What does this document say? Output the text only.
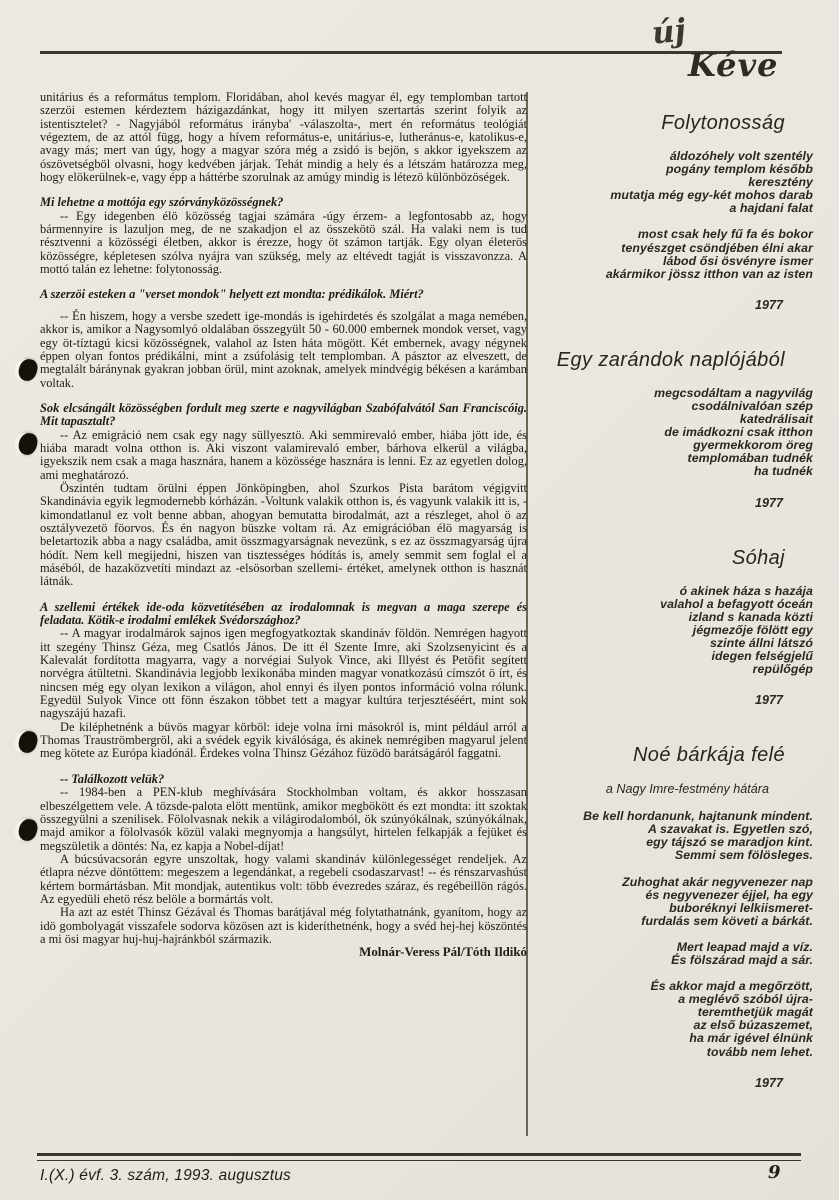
új
Kéve

unitárius és a református templom. Floridában, ahol kevés magyar él, egy templomban tartott szerzöi estemen kérdeztem házigazdánkat, hogy itt milyen szertartás szerint folyik az istentisztelet? - Nagyjából református irányba' -válaszolta-, mert én református teológiát végeztem, de az attól függ, hogy a hívem református-e, unitárius-e, lutheránus-e, katolikus-e, avagy más; mert van úgy, hogy a magyar szóra még a zsidó is bejön, s akkor igyekszem az ószövetségböl olvasni, hogy kedvében járjak. Tehát mindig a hely és a létszám határozza meg, hogy elökerülnek-e, vagy épp a háttérbe szorulnak az amúgy mindig is létezö különbözöségek.

Mi lehetne a mottója egy szórványközösségnek?

-- Egy idegenben élö közösség tagjai számára -úgy érzem- a legfontosabb az, hogy bármennyire is lazuljon meg, de ne szakadjon el az összekötö szál. Ha valaki nem is tud résztvenni a közösségi életben, akkor is érezze, hogy öt számon tartják. Egy olyan életerös közösségre, képletesen szólva nyájra van szükség, mely az eltévedt tagját is visszavonzza. A mottó talán ez lehetne: folytonosság.

A szerzöi esteken a "verset mondok" helyett ezt mondta: prédikálok. Miért?

-- Én hiszem, hogy a versbe szedett ige-mondás is igehirdetés és szolgálat a maga nemében, akkor is, amikor a Nagysomlyó oldalában összegyült 50 - 60.000 embernek mondok verset, vagy egy öt-tíztagú kicsi közösségnek, valahol az Isten háta mögött. Két embernek, avagy négynek éppen olyan fontos prédikálni, mint a zsúfolásig telt templomban. A pásztor az elveszett, de megtalált báránynak gyakran jobban örül, mint azoknak, amelyek mindvégig békésen a karámban voltak.

Sok elcsángált közösségben fordult meg szerte e nagyvilágban Szabófalvától San Franciscóig. Mit tapasztalt?

-- Az emigráció nem csak egy nagy süllyesztö. Aki semmirevaló ember, hiába jött ide, és hiába maradt volna otthon is. Aki viszont valamirevaló ember, bárhova elkerül a világba, igyekszik nem csak a maga hasznára, hanem a közössége hasznára is lenni. Ez az egyetlen dolog, ami meghatározó.

Öszintén tudtam örülni éppen Jönköpingben, ahol Szurkos Pista barátom végigvitt Skandinávia egyik legmodernebb kórházán. -Voltunk valakik otthon is, és vagyunk valakik itt is, -kimondatlanul ez volt benne abban, ahogyan bemutatta birodalmát, azt a részleget, ahol ö az osztályvezetö föorvos. És én nagyon büszke voltam rá. Az emigrációban élö magyarság is beletartozik abba a nagy családba, amit összmagyarságnak nevezünk, s ez az összmagyarság újra hódít. Nem kell megijedni, hiszen van tisztességes hódítás is, amely semmit sem foglal el a máséból, de hazaközvetíti mindazt az -elsösorban szellemi- értéket, amelynek otthon is hasznát látnák.

A szellemi értékek ide-oda közvetítésében az irodalomnak is megvan a maga szerepe és feladata. Kötik-e irodalmi emlékek Svédországhoz?

-- A magyar irodalmárok sajnos igen megfogyatkoztak skandináv földön. Nemrégen hagyott itt szegény Thinsz Géza, meg Csatlós János. De itt él Szente Imre, aki Szolzsenyicint és a Kalevalát fordította magyarra, vagy a norvégiai Sulyok Vince, aki Illyést és Petöfit segített norvégra átültetni. Skandinávia legjobb lexikonába minden magyar vonatkozású címszót ö írt, és nincsen még egy olyan lexikon a világon, ahol ennyi és ilyen pontos információ volna rólunk. Egyedül Sulyok Vince ott fönn északon többet tett a magyar kultúra terjesztéséért, mint sok nagyszájú hazafi.

De kiléphetnénk a büvös magyar körböl: ideje volna írni másokról is, mint például arról a Thomas Trauströmbergröl, aki a svédek egyik kiválósága, és akinek nemrégiben magyarul jelent meg kötete az Európa kiadónál. Érdekes volna Thinsz Gézához füzödö barátságáról faggatni.

-- Találkozott velük?

-- 1984-ben a PEN-klub meghívására Stockholmban voltam, és akkor hosszasan elbeszélgettem vele. A tözsde-palota elött mentünk, amikor megbökött és ezt mondta: itt szoktak összegyülni a szenilisek. Fölolvasnak nekik a világirodalomból, ök szúnyókálnak, szúnyókálnak, majd amikor a fölolvasók közül valaki megnyomja a hangsúlyt, hirtelen felkapják a fejüket és megszületik a döntés: Na, ez kapja a Nobel-díjat!

A búcsúvacsorán egyre unszoltak, hogy valami skandináv különlegességet rendeljek. Az étlapra nézve döntöttem: megeszem a legendánkat, a regebeli csodaszarvast! -- és rénszarvashúst kértem bormártásban. Mit mondjak, autentikus volt: több évezredes száraz, és regébeillön rágós. Az egyedüli ehetö rész belöle a bormártás volt.

Ha azt az estét Thinsz Gézával és Thomas barátjával még folytathatnánk, gyanítom, hogy az idö gombolyagát visszafele sodorva közösen azt is kideríthetnénk, hogy a svéd hej-hej köszöntés a mi ösi magyar huj-huj-hajránkból származik.

Molnár-Veress Pál/Tóth Ildikó

Folytonosság
áldozóhely volt szentély
pogány templom később
keresztény
mutatja még egy-két mohos darab
a hajdani falat
most csak hely fű fa és bokor
tenyészget csöndjében élni akar
lábod ősi ösvényre ismer
akármikor jössz itthon van az isten
1977
Egy zarándok naplójából
megcsodáltam a nagyvilág
csodálnivalóan szép
katedrálisait
de imádkozni csak itthon
gyermekkorom öreg
templomában tudnék
ha tudnék
1977
Sóhaj
ó akinek háza s hazája
valahol a befagyott óceán
izland s kanada közti
jégmezője fölött egy
szinte állni látszó
idegen felségjelű
repülőgép
1977
Noé bárkája felé
a Nagy Imre-festmény hátára
Be kell hordanunk, hajtanunk mindent.
A szavakat is. Egyetlen szó,
egy tájszó se maradjon kint.
Semmi sem fölösleges.
Zuhoghat akár negyvenezer nap
és negyvenezer éjjel, ha egy
buboréknyi lelkiismeret-
furdalás sem követi a bárkát.
Mert leapad majd a víz.
És fölszárad majd a sár.
És akkor majd a megőrzött,
a meglévő szóból újra-
teremthetjük magát
az első búzaszemet,
ha már igével élnünk
tovább nem lehet.
1977
I.(X.) évf. 3. szám, 1993. augusztus	9
